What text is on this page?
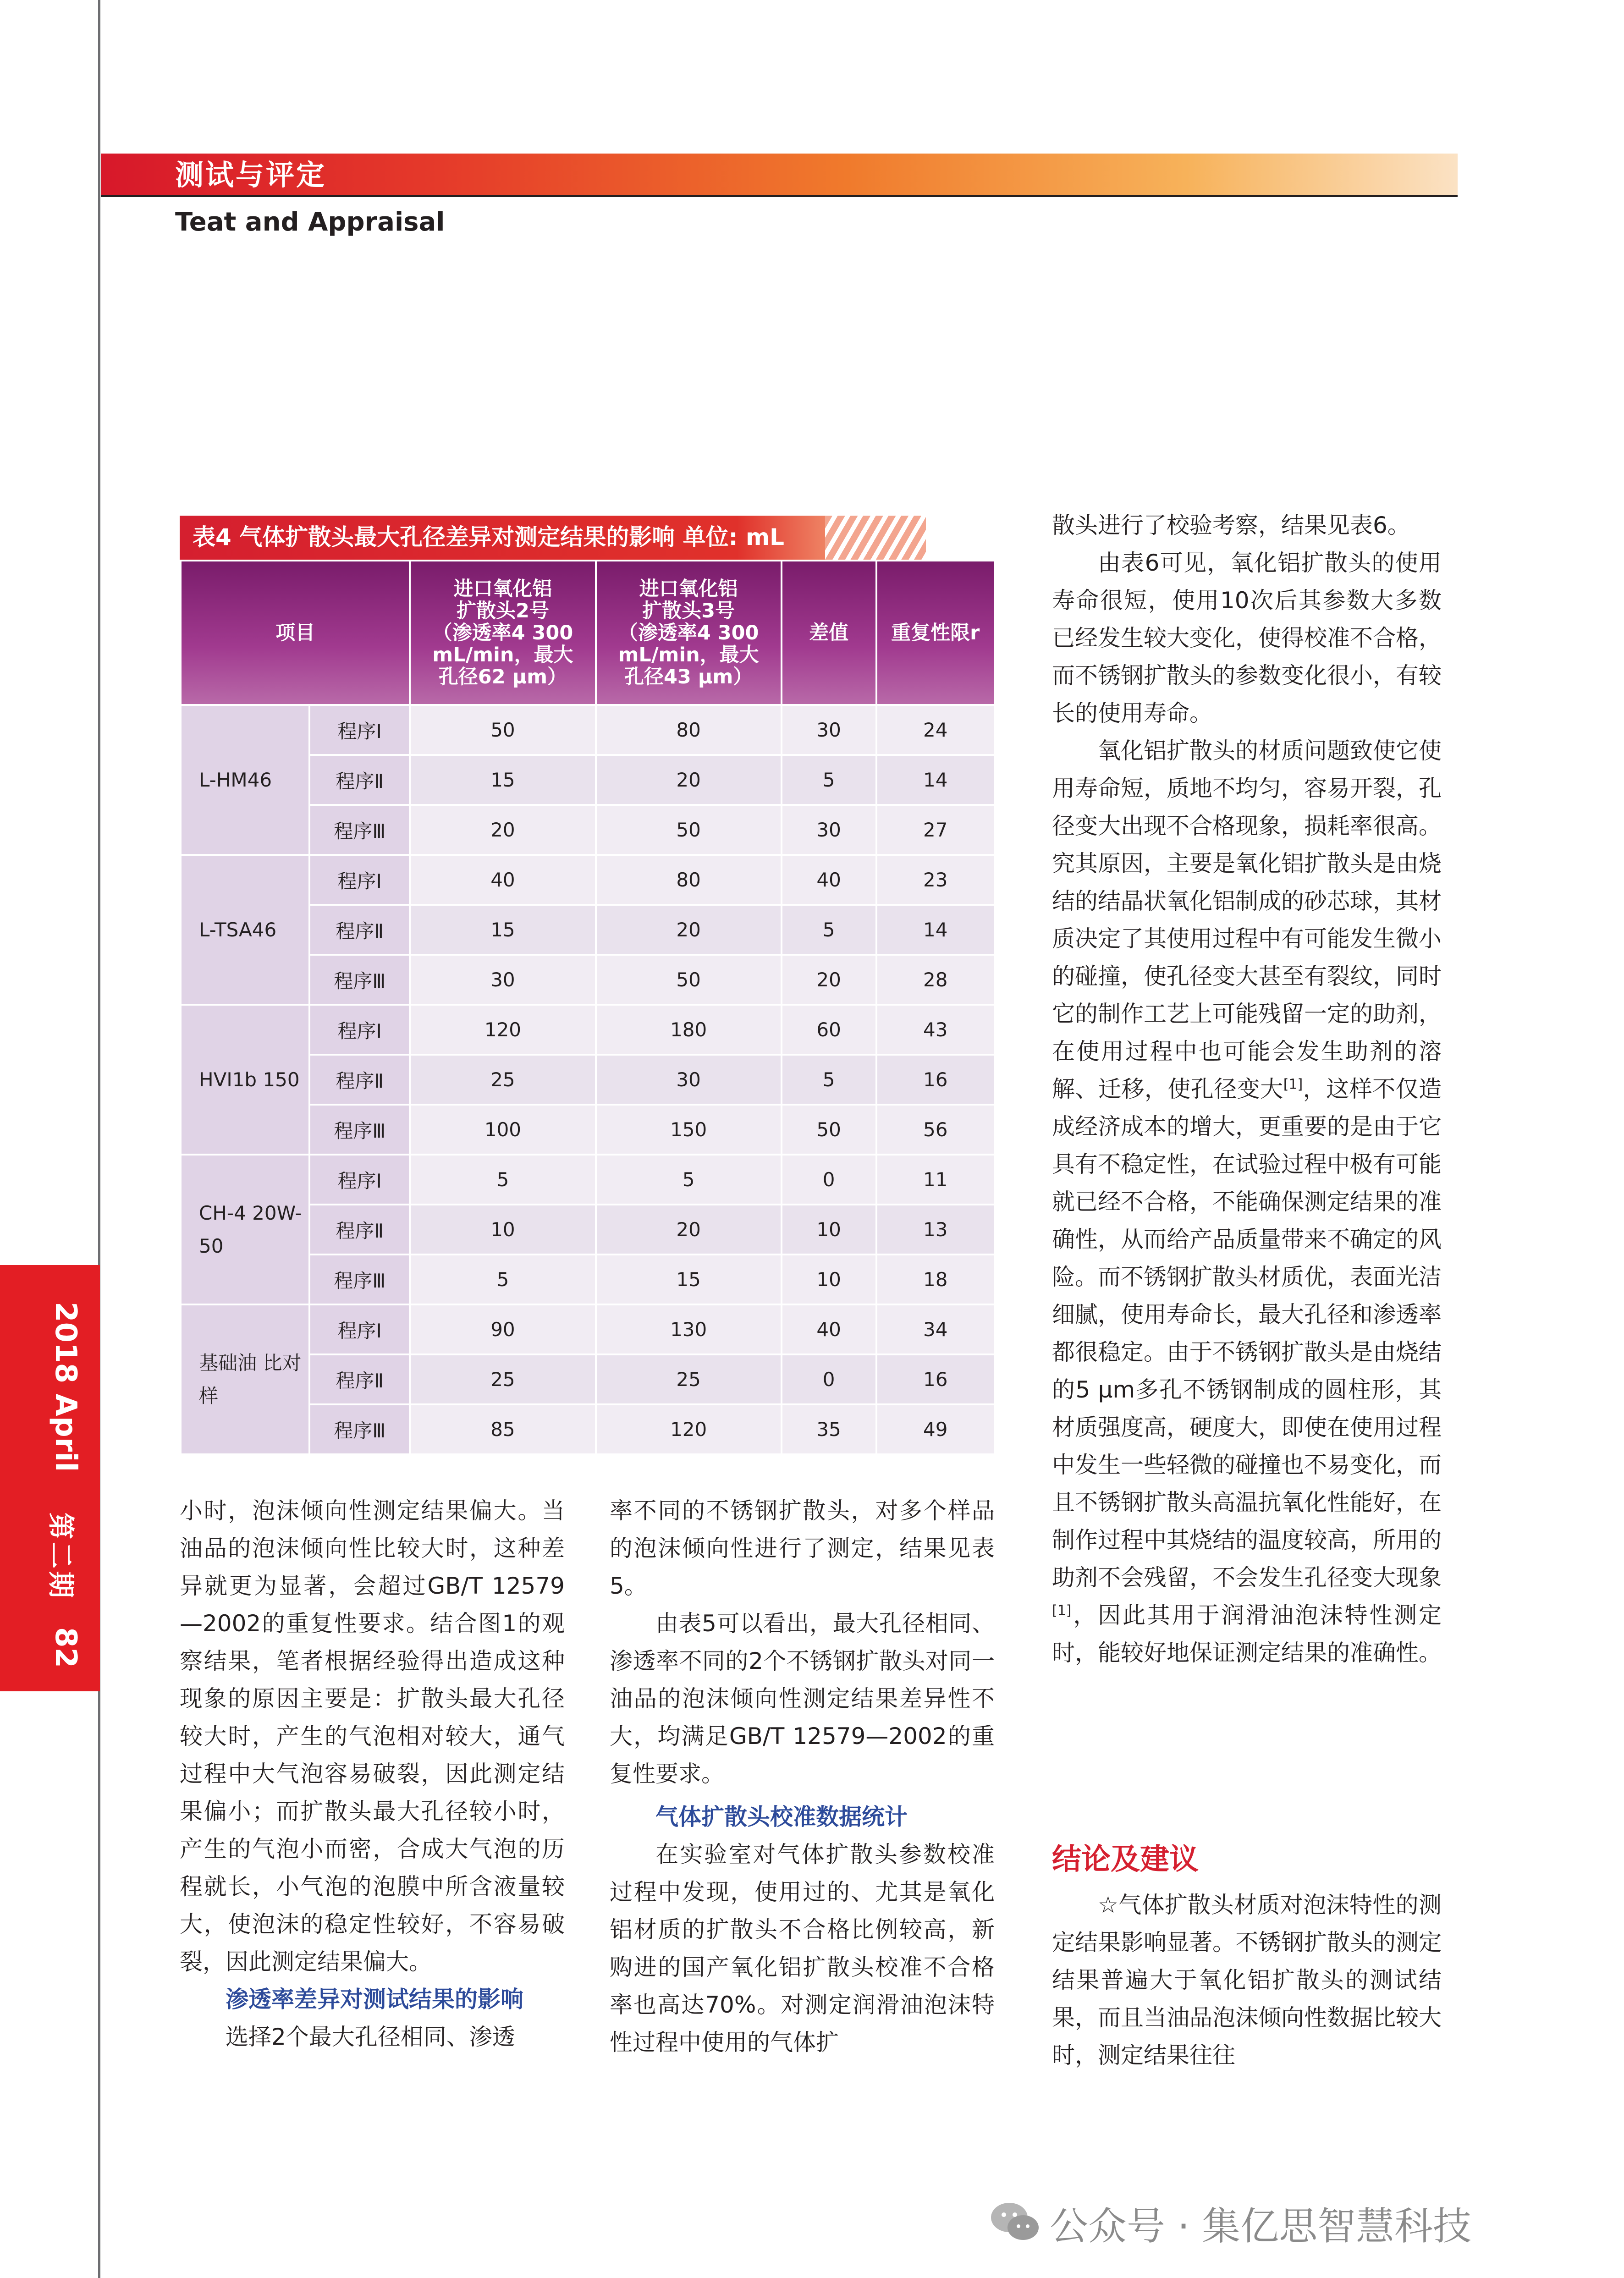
测试与评定
Teat and Appraisal
2018 April
第二期
82
表4 气体扩散头最大孔径差异对测定结果的影响 单位: mL
项目		进口氧化铝
扩散头2号
（渗透率4 300
mL/min，最大
孔径62 μm）	进口氧化铝
扩散头3号
（渗透率4 300
mL/min，最大
孔径43 μm）	差值	重复性限r
L-HM46	程序Ⅰ	50	80	30	24
	程序Ⅱ	15	20	5	14
	程序Ⅲ	20	50	30	27
L-TSA46	程序Ⅰ	40	80	40	23
	程序Ⅱ	15	20	5	14
	程序Ⅲ	30	50	20	28
HVI1b 150	程序Ⅰ	120	180	60	43
	程序Ⅱ	25	30	5	16
	程序Ⅲ	100	150	50	56
CH-4 20W-50	程序Ⅰ	5	5	0	11
	程序Ⅱ	10	20	10	13
	程序Ⅲ	5	15	10	18
基础油 比对样	程序Ⅰ	90	130	40	34
	程序Ⅱ	25	25	0	16
	程序Ⅲ	85	120	35	49

小时，泡沫倾向性测定结果偏大。当油品的泡沫倾向性比较大时，这种差异就更为显著，会超过GB/T 12579—2002的重复性要求。结合图1的观察结果，笔者根据经验得出造成这种现象的原因主要是：扩散头最大孔径较大时，产生的气泡相对较大，通气过程中大气泡容易破裂，因此测定结果偏小；而扩散头最大孔径较小时，产生的气泡小而密，合成大气泡的历程就长，小气泡的泡膜中所含液量较大，使泡沫的稳定性较好，不容易破裂，因此测定结果偏大。

渗透率差异对测试结果的影响

选择2个最大孔径相同、渗透

率不同的不锈钢扩散头，对多个样品的泡沫倾向性进行了测定，结果见表5。

由表5可以看出，最大孔径相同、渗透率不同的2个不锈钢扩散头对同一油品的泡沫倾向性测定结果差异性不大，均满足GB/T 12579—2002的重复性要求。

气体扩散头校准数据统计

在实验室对气体扩散头参数校准过程中发现，使用过的、尤其是氧化铝材质的扩散头不合格比例较高，新购进的国产氧化铝扩散头校准不合格率也高达70%。对测定润滑油泡沫特性过程中使用的气体扩

散头进行了校验考察，结果见表6。

由表6可见，氧化铝扩散头的使用寿命很短，使用10次后其参数大多数已经发生较大变化，使得校准不合格，而不锈钢扩散头的参数变化很小，有较长的使用寿命。

氧化铝扩散头的材质问题致使它使用寿命短，质地不均匀，容易开裂，孔径变大出现不合格现象，损耗率很高。究其原因，主要是氧化铝扩散头是由烧结的结晶状氧化铝制成的砂芯球，其材质决定了其使用过程中有可能发生微小的碰撞，使孔径变大甚至有裂纹，同时它的制作工艺上可能残留一定的助剂，在使用过程中也可能会发生助剂的溶解、迁移，使孔径变大[1]，这样不仅造成经济成本的增大，更重要的是由于它具有不稳定性，在试验过程中极有可能就已经不合格，不能确保测定结果的准确性，从而给产品质量带来不确定的风险。而不锈钢扩散头材质优，表面光洁细腻，使用寿命长，最大孔径和渗透率都很稳定。由于不锈钢扩散头是由烧结的5 μm多孔不锈钢制成的圆柱形，其材质强度高，硬度大，即使在使用过程中发生一些轻微的碰撞也不易变化，而且不锈钢扩散头高温抗氧化性能好，在制作过程中其烧结的温度较高，所用的助剂不会残留，不会发生孔径变大现象[1]，因此其用于润滑油泡沫特性测定时，能较好地保证测定结果的准确性。

结论及建议

☆气体扩散头材质对泡沫特性的测定结果影响显著。不锈钢扩散头的测定结果普遍大于氧化铝扩散头的测试结果，而且当油品泡沫倾向性数据比较大时，测定结果往往

公众号 · 集亿思智慧科技
